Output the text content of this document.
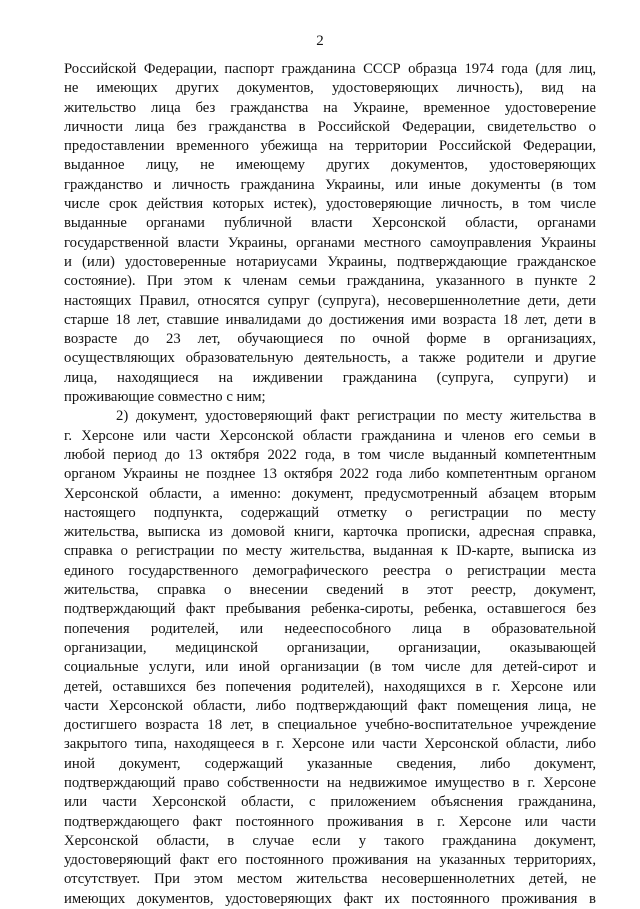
2
Российской Федерации, паспорт гражданина СССР образца 1974 года (для лиц,
не имеющих других документов, удостоверяющих личность), вид на
жительство лица без гражданства на Украине, временное удостоверение
личности лица без гражданства в Российской Федерации, свидетельство о
предоставлении временного убежища на территории Российской Федерации,
выданное лицу, не имеющему других документов, удостоверяющих
гражданство и личность гражданина Украины, или иные документы (в том
числе срок действия которых истек), удостоверяющие личность, в том числе
выданные органами публичной власти Херсонской области, органами
государственной власти Украины, органами местного самоуправления Украины
и (или) удостоверенные нотариусами Украины, подтверждающие гражданское
состояние). При этом к членам семьи гражданина, указанного в пункте 2
настоящих Правил, относятся супруг (супруга), несовершеннолетние дети, дети
старше 18 лет, ставшие инвалидами до достижения ими возраста 18 лет, дети в
возрасте до 23 лет, обучающиеся по очной форме в организациях,
осуществляющих образовательную деятельность, а также родители и другие
лица, находящиеся на иждивении гражданина (супруга, супруги) и
проживающие совместно с ним;
2) документ, удостоверяющий факт регистрации по месту жительства в
г. Херсоне или части Херсонской области гражданина и членов его семьи в
любой период до 13 октября 2022 года, в том числе выданный компетентным
органом Украины не позднее 13 октября 2022 года либо компетентным органом
Херсонской области, а именно: документ, предусмотренный абзацем вторым
настоящего подпункта, содержащий отметку о регистрации по месту
жительства, выписка из домовой книги, карточка прописки, адресная справка,
справка о регистрации по месту жительства, выданная к ID-карте, выписка из
единого государственного демографического реестра о регистрации места
жительства, справка о внесении сведений в этот реестр, документ,
подтверждающий факт пребывания ребенка-сироты, ребенка, оставшегося без
попечения родителей, или недееспособного лица в образовательной
организации, медицинской организации, организации, оказывающей
социальные услуги, или иной организации (в том числе для детей-сирот и
детей, оставшихся без попечения родителей), находящихся в г. Херсоне или
части Херсонской области, либо подтверждающий факт помещения лица, не
достигшего возраста 18 лет, в специальное учебно-воспитательное учреждение
закрытого типа, находящееся в г. Херсоне или части Херсонской области, либо
иной документ, содержащий указанные сведения, либо документ,
подтверждающий право собственности на недвижимое имущество в г. Херсоне
или части Херсонской области, с приложением объяснения гражданина,
подтверждающего факт постоянного проживания в г. Херсоне или части
Херсонской области, в случае если у такого гражданина документ,
удостоверяющий факт его постоянного проживания на указанных территориях,
отсутствует. При этом местом жительства несовершеннолетних детей, не
имеющих документов, удостоверяющих факт их постоянного проживания в
